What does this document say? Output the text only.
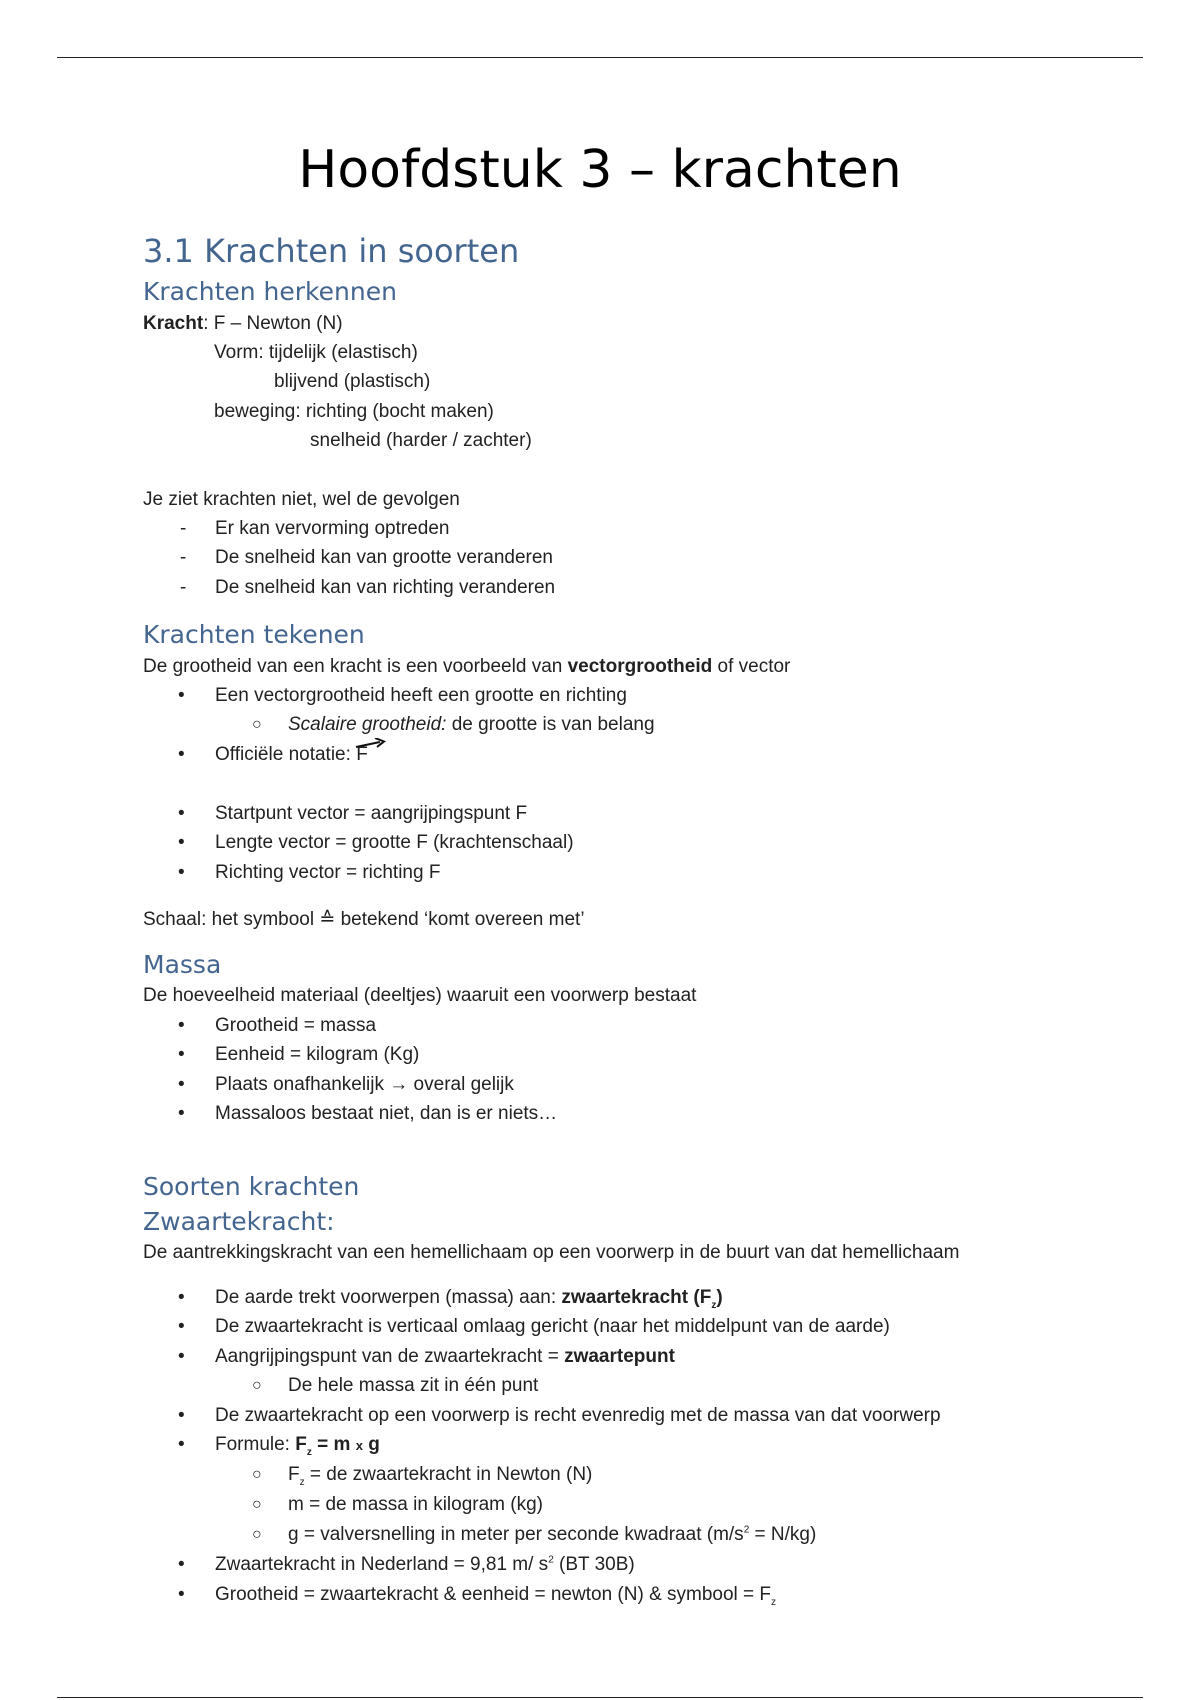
Hoofdstuk 3 – krachten
3.1 Krachten in soorten
Krachten herkennen
Kracht: F – Newton (N)
Vorm: tijdelijk (elastisch)
blijvend (plastisch)
beweging: richting (bocht maken)
snelheid (harder / zachter)
Je ziet krachten niet, wel de gevolgen
- Er kan vervorming optreden
- De snelheid kan van grootte veranderen
- De snelheid kan van richting veranderen
Krachten tekenen
De grootheid van een kracht is een voorbeeld van vectorgrootheid of vector
• Een vectorgrootheid heeft een grootte en richting
○ Scalaire grootheid: de grootte is van belang
• Officiële notatie: F
• Startpunt vector = aangrijpingspunt F
• Lengte vector = grootte F (krachtenschaal)
• Richting vector = richting F
Schaal: het symbool ≙ betekend ‘komt overeen met’
Massa
De hoeveelheid materiaal (deeltjes) waaruit een voorwerp bestaat
• Grootheid = massa
• Eenheid = kilogram (Kg)
• Plaats onafhankelijk → overal gelijk
• Massaloos bestaat niet, dan is er niets…
Soorten krachten
Zwaartekracht:
De aantrekkingskracht van een hemellichaam op een voorwerp in de buurt van dat hemellichaam
• De aarde trekt voorwerpen (massa) aan: zwaartekracht $(F_z)$
• De zwaartekracht is verticaal omlaag gericht (naar het middelpunt van de aarde)
• Aangrijpingspunt van de zwaartekracht = zwaartepunt
○ De hele massa zit in één punt
• De zwaartekracht op een voorwerp is recht evenredig met de massa van dat voorwerp
• Formule: $F_z = m$ x g
○ $F_z$ = de zwaartekracht in Newton (N)
○ m = de massa in kilogram (kg)
○ g = valversnelling in meter per seconde kwadraat $(m/s^2 = N/kg)$
• Zwaartekracht in Nederland = 9,81 m/ $s^2$ (BT 30B)
• Grootheid = zwaartekracht & eenheid = newton (N) & symbool = $F_z$
